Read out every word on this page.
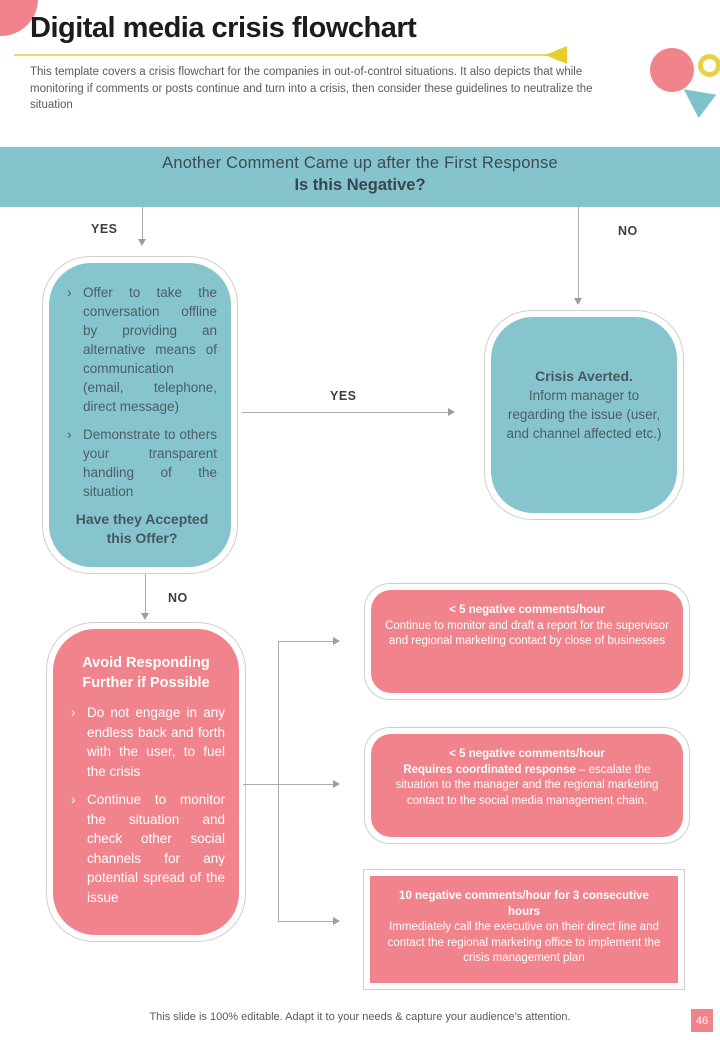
Digital media crisis flowchart
This template covers a crisis flowchart for the companies in out-of-control situations. It also depicts that while monitoring if comments or posts continue and turn into a crisis, then consider these guidelines to neutralize the situation
Another Comment Came up after the First Response
Is this Negative?
YES	NO
› Offer to take the conversation offline by providing an alternative means of communication (email, telephone, direct message)
› Demonstrate to others your transparent handling of the situation
Have they Accepted this Offer?
YES
Crisis Averted.
Inform manager to regarding the issue (user, and channel affected etc.)
NO
Avoid Responding Further if Possible
› Do not engage in any endless back and forth with the user, to fuel the crisis
› Continue to monitor the situation and check other social channels for any potential spread of the issue
< 5 negative comments/hour
Continue to monitor and draft a report for the supervisor and regional marketing contact by close of businesses
< 5 negative comments/hour
Requires coordinated response – escalate the situation to the manager and the regional marketing contact to the social media management chain.
10 negative comments/hour for 3 consecutive hours
Immediately call the executive on their direct line and contact the regional marketing office to implement the crisis management plan
This slide is 100% editable. Adapt it to your needs & capture your audience’s attention.	46
